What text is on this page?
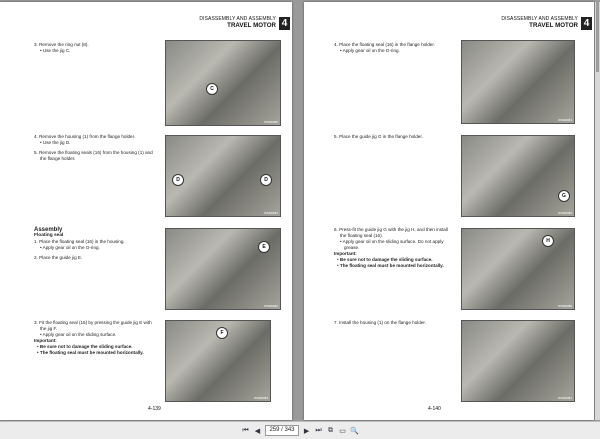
DISASSEMBLY AND ASSEMBLY
TRAVEL MOTOR 4
3. Remove the ring nut (8).
• Use the jig C.
C
WSM0080
4. Remove the housing (1) from the flange holder.
• Use the jig D.
5. Remove the floating seals (16) from the housing (1) and
the flange holder.
D	D
WSM0081
Assembly
Floating seal
1. Place the floating seal (16) in the housing.
• Apply gear oil on the O-ring.
2. Place the guide jig E.
E
WSM0082
3. Fit the floating seal (16) by pressing the guide jig E with
the jig F.
• Apply gear oil on the sliding surface.
Important:
• Be sure not to damage the sliding surface.
• The floating seal must be mounted horizontally.
F
WSM0083
4-139
DISASSEMBLY AND ASSEMBLY
TRAVEL MOTOR 4
4. Place the floating seal (16) in the flange holder.
• Apply gear oil on the O-ring.
WSM0084
5. Place the guide jig G in the flange holder.
G
WSM0085
6. Press-fit the guide jig G with the jig H, and then install
the floating seal (16).
• Apply gear oil on the sliding surface. Do not apply
grease.
Important:
• Be sure not to damage the sliding surface.
• The floating seal must be mounted horizontally.
H
WSM0086
7. Install the housing (1) on the flange holder.
WSM0087
4-140
⏮ ◀	259 / 343	▶ ⏭ ⧉ ▭ 🔍
